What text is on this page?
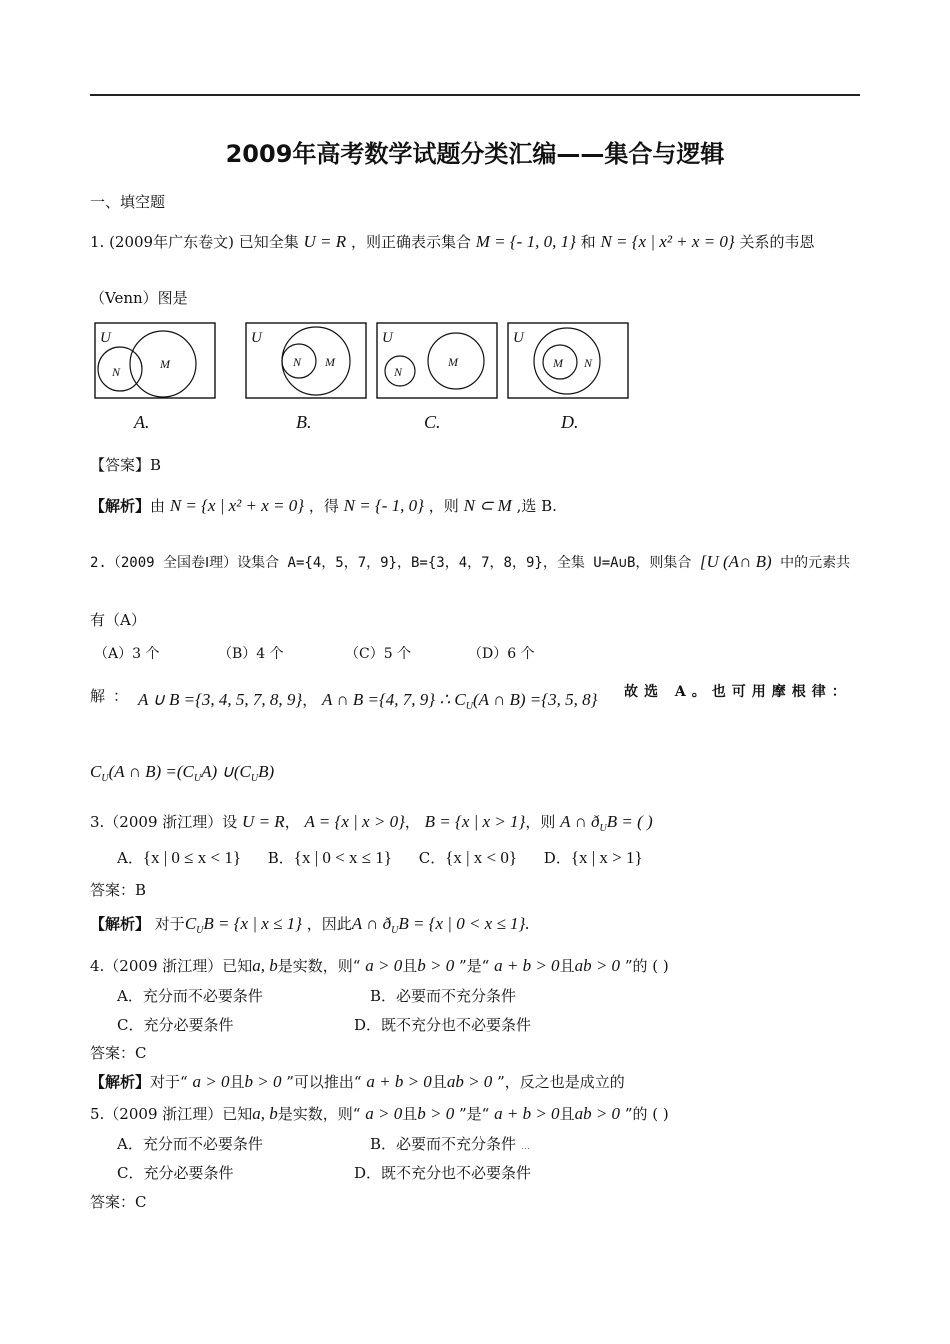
2009年高考数学试题分类汇编——集合与逻辑
一、填空题
1. (2009年广东卷文) 已知全集 U = R ，则正确表示集合 M = {- 1, 0, 1} 和 N = {x | x² + x = 0} 关系的韦恩
（Venn）图是
U
N
M
U
N M
U
N
M
U
M N
A.	B.	C.	D.
【答案】B
【解析】由 N = {x | x² + x = 0} ，得 N = {- 1, 0} ，则 N ⊂ M ,选 B.
2.（2009 全国卷Ⅰ理）设集合 A={4，5，7，9}，B={3，4，7，8，9}，全集 U=A∪B，则集合 [U (A∩ B) 中的元素共
有（A）
（A）3 个	（B）4 个	（C）5 个	（D）6 个
解： A ∪ B ={3, 4, 5, 7, 8, 9}， A ∩ B ={4, 7, 9} ∴ $C_U(A$ ∩ B) ={3, 5, 8} 故选 A。也可用摩根律：
$C_U(A$ ∩ $B) =(C_UA)$ $\cup(C_UB)$
3.（2009 浙江理）设 U = R， A = {x | x > 0}， B = {x | x > 1}，则 A ∩ $ð_UB$ = ( )
A．{x | 0 ≤ x < 1} B．{x | 0 < x ≤ 1} C．{x | x < 0} D．{x | x > 1}
答案：B
【解析】 对于$C_UB = \{x$ | x ≤ 1} ，因此A ∩ $ð_UB = \{x$ | 0 < x ≤ 1}.
4.（2009 浙江理）已知a, b是实数，则“ a > 0且b > 0 ”是“ a + b > 0且ab > 0 ”的 ( )
A．充分而不必要条件	B．必要而不充分条件
C．充分必要条件	D．既不充分也不必要条件
答案：C
【解析】对于“ a > 0且b > 0 ”可以推出“ a + b > 0且ab > 0 ”，反之也是成立的
5.（2009 浙江理）已知a, b是实数，则“ a > 0且b > 0 ”是“ a + b > 0且ab > 0 ”的 ( )
A．充分而不必要条件	B．必要而不充分条件 …
C．充分必要条件	D．既不充分也不必要条件
答案：C
